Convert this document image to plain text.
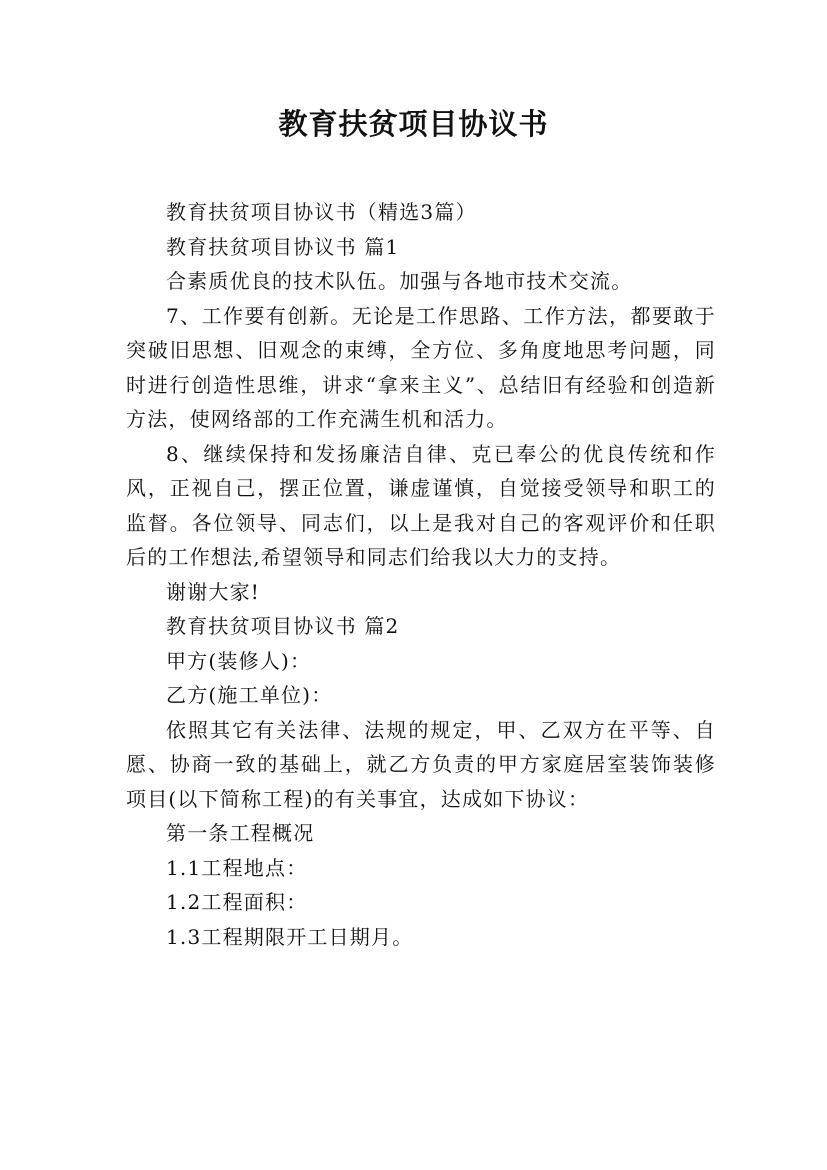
教育扶贫项目协议书

教育扶贫项目协议书（精选3篇）

教育扶贫项目协议书 篇1

合素质优良的技术队伍。加强与各地市技术交流。

7、工作要有创新。无论是工作思路、工作方法，都要敢于突破旧思想、旧观念的束缚，全方位、多角度地思考问题，同时进行创造性思维，讲求“拿来主义”、总结旧有经验和创造新方法，使网络部的工作充满生机和活力。

8、继续保持和发扬廉洁自律、克已奉公的优良传统和作风，正视自己，摆正位置，谦虚谨慎，自觉接受领导和职工的监督。各位领导、同志们，以上是我对自己的客观评价和任职后的工作想法,希望领导和同志们给我以大力的支持。

谢谢大家!

教育扶贫项目协议书 篇2

甲方(装修人)：

乙方(施工单位)：

依照其它有关法律、法规的规定，甲、乙双方在平等、自愿、协商一致的基础上，就乙方负责的甲方家庭居室装饰装修项目(以下简称工程)的有关事宜，达成如下协议：

第一条工程概况

1.1工程地点：

1.2工程面积：

1.3工程期限开工日期月。
